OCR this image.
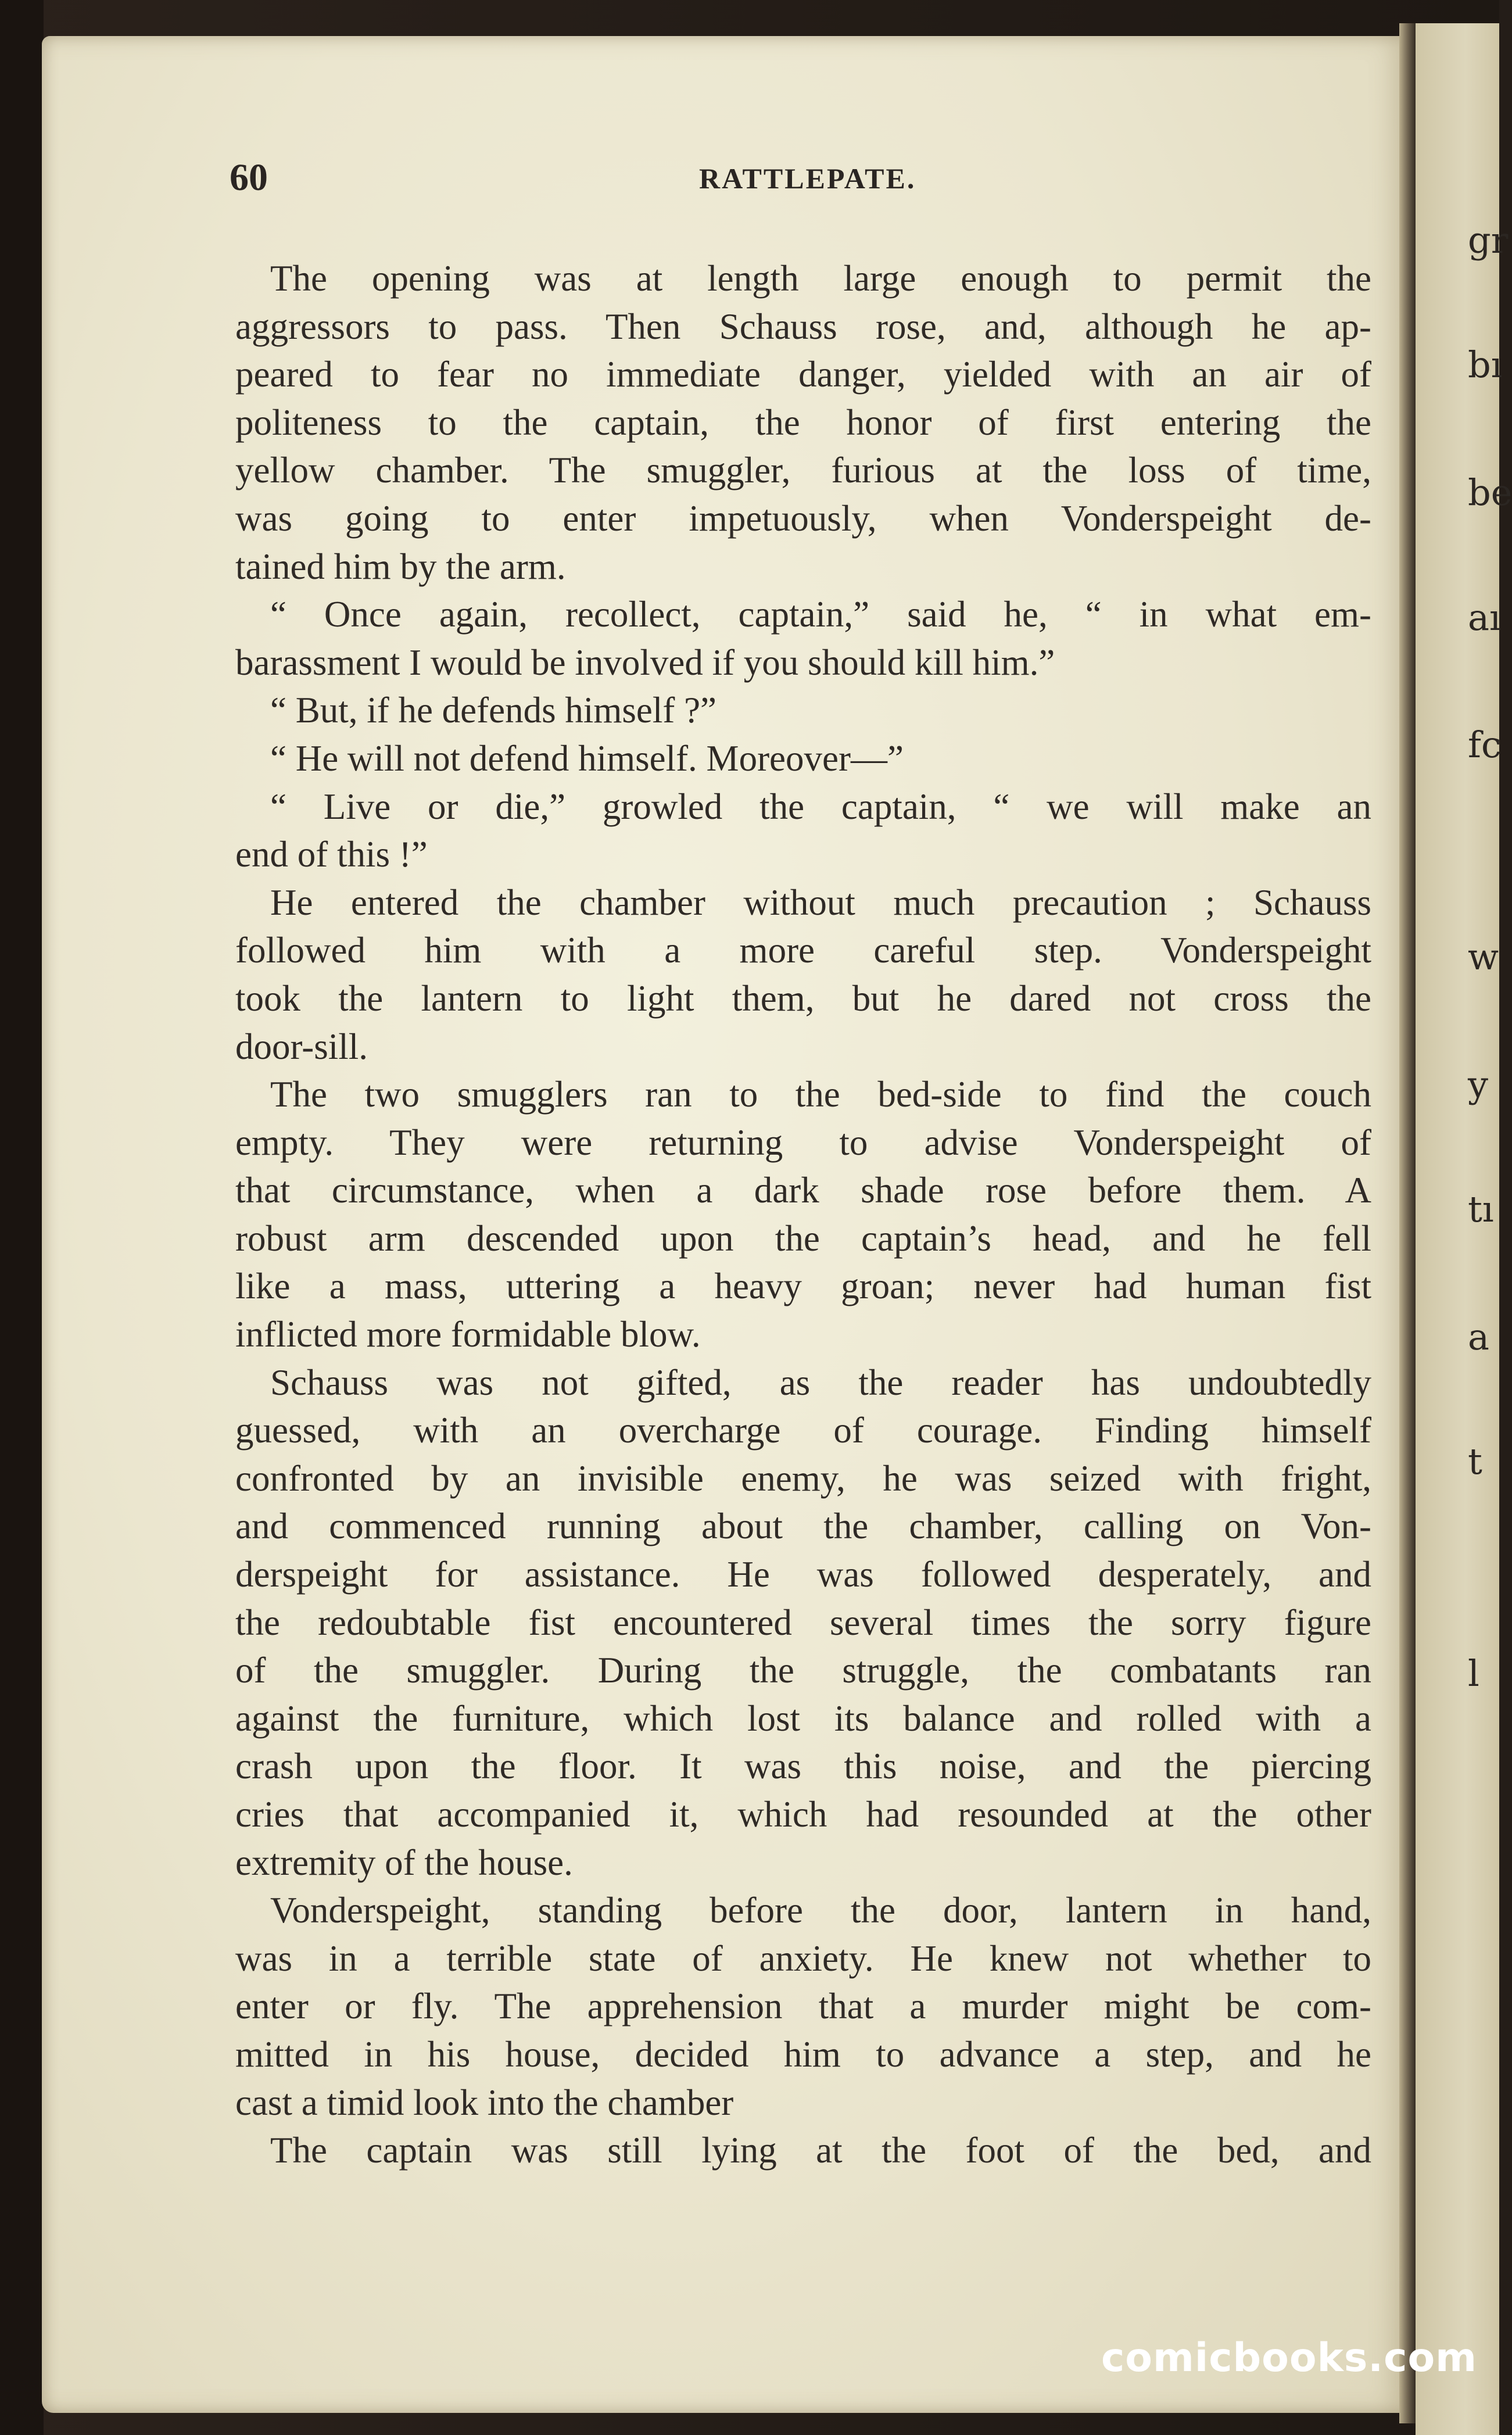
gr
bı
be
aı
fc
w
y
tı
a
t
l
60	RATTLEPATE.
The opening was at length large enough to permit the
aggressors to pass. Then Schauss rose, and, although he ap-
peared to fear no immediate danger, yielded with an air of
politeness to the captain, the honor of first entering the
yellow chamber. The smuggler, furious at the loss of time,
was going to enter impetuously, when Vonderspeight de-
tained him by the arm.
“ Once again, recollect, captain,” said he, “ in what em-
barassment I would be involved if you should kill him.”
“ But, if he defends himself ?”
“ He will not defend himself. Moreover—”
“ Live or die,” growled the captain, “ we will make an
end of this !”
He entered the chamber without much precaution ; Schauss
followed him with a more careful step. Vonderspeight
took the lantern to light them, but he dared not cross the
door-sill.
The two smugglers ran to the bed-side to find the couch
empty. They were returning to advise Vonderspeight of
that circumstance, when a dark shade rose before them. A
robust arm descended upon the captain’s head, and he fell
like a mass, uttering a heavy groan; never had human fist
inflicted more formidable blow.
Schauss was not gifted, as the reader has undoubtedly
guessed, with an overcharge of courage. Finding himself
confronted by an invisible enemy, he was seized with fright,
and commenced running about the chamber, calling on Von-
derspeight for assistance. He was followed desperately, and
the redoubtable fist encountered several times the sorry figure
of the smuggler. During the struggle, the combatants ran
against the furniture, which lost its balance and rolled with a
crash upon the floor. It was this noise, and the piercing
cries that accompanied it, which had resounded at the other
extremity of the house.
Vonderspeight, standing before the door, lantern in hand,
was in a terrible state of anxiety. He knew not whether to
enter or fly. The apprehension that a murder might be com-
mitted in his house, decided him to advance a step, and he
cast a timid look into the chamber
The captain was still lying at the foot of the bed, and
comicbooks.com
